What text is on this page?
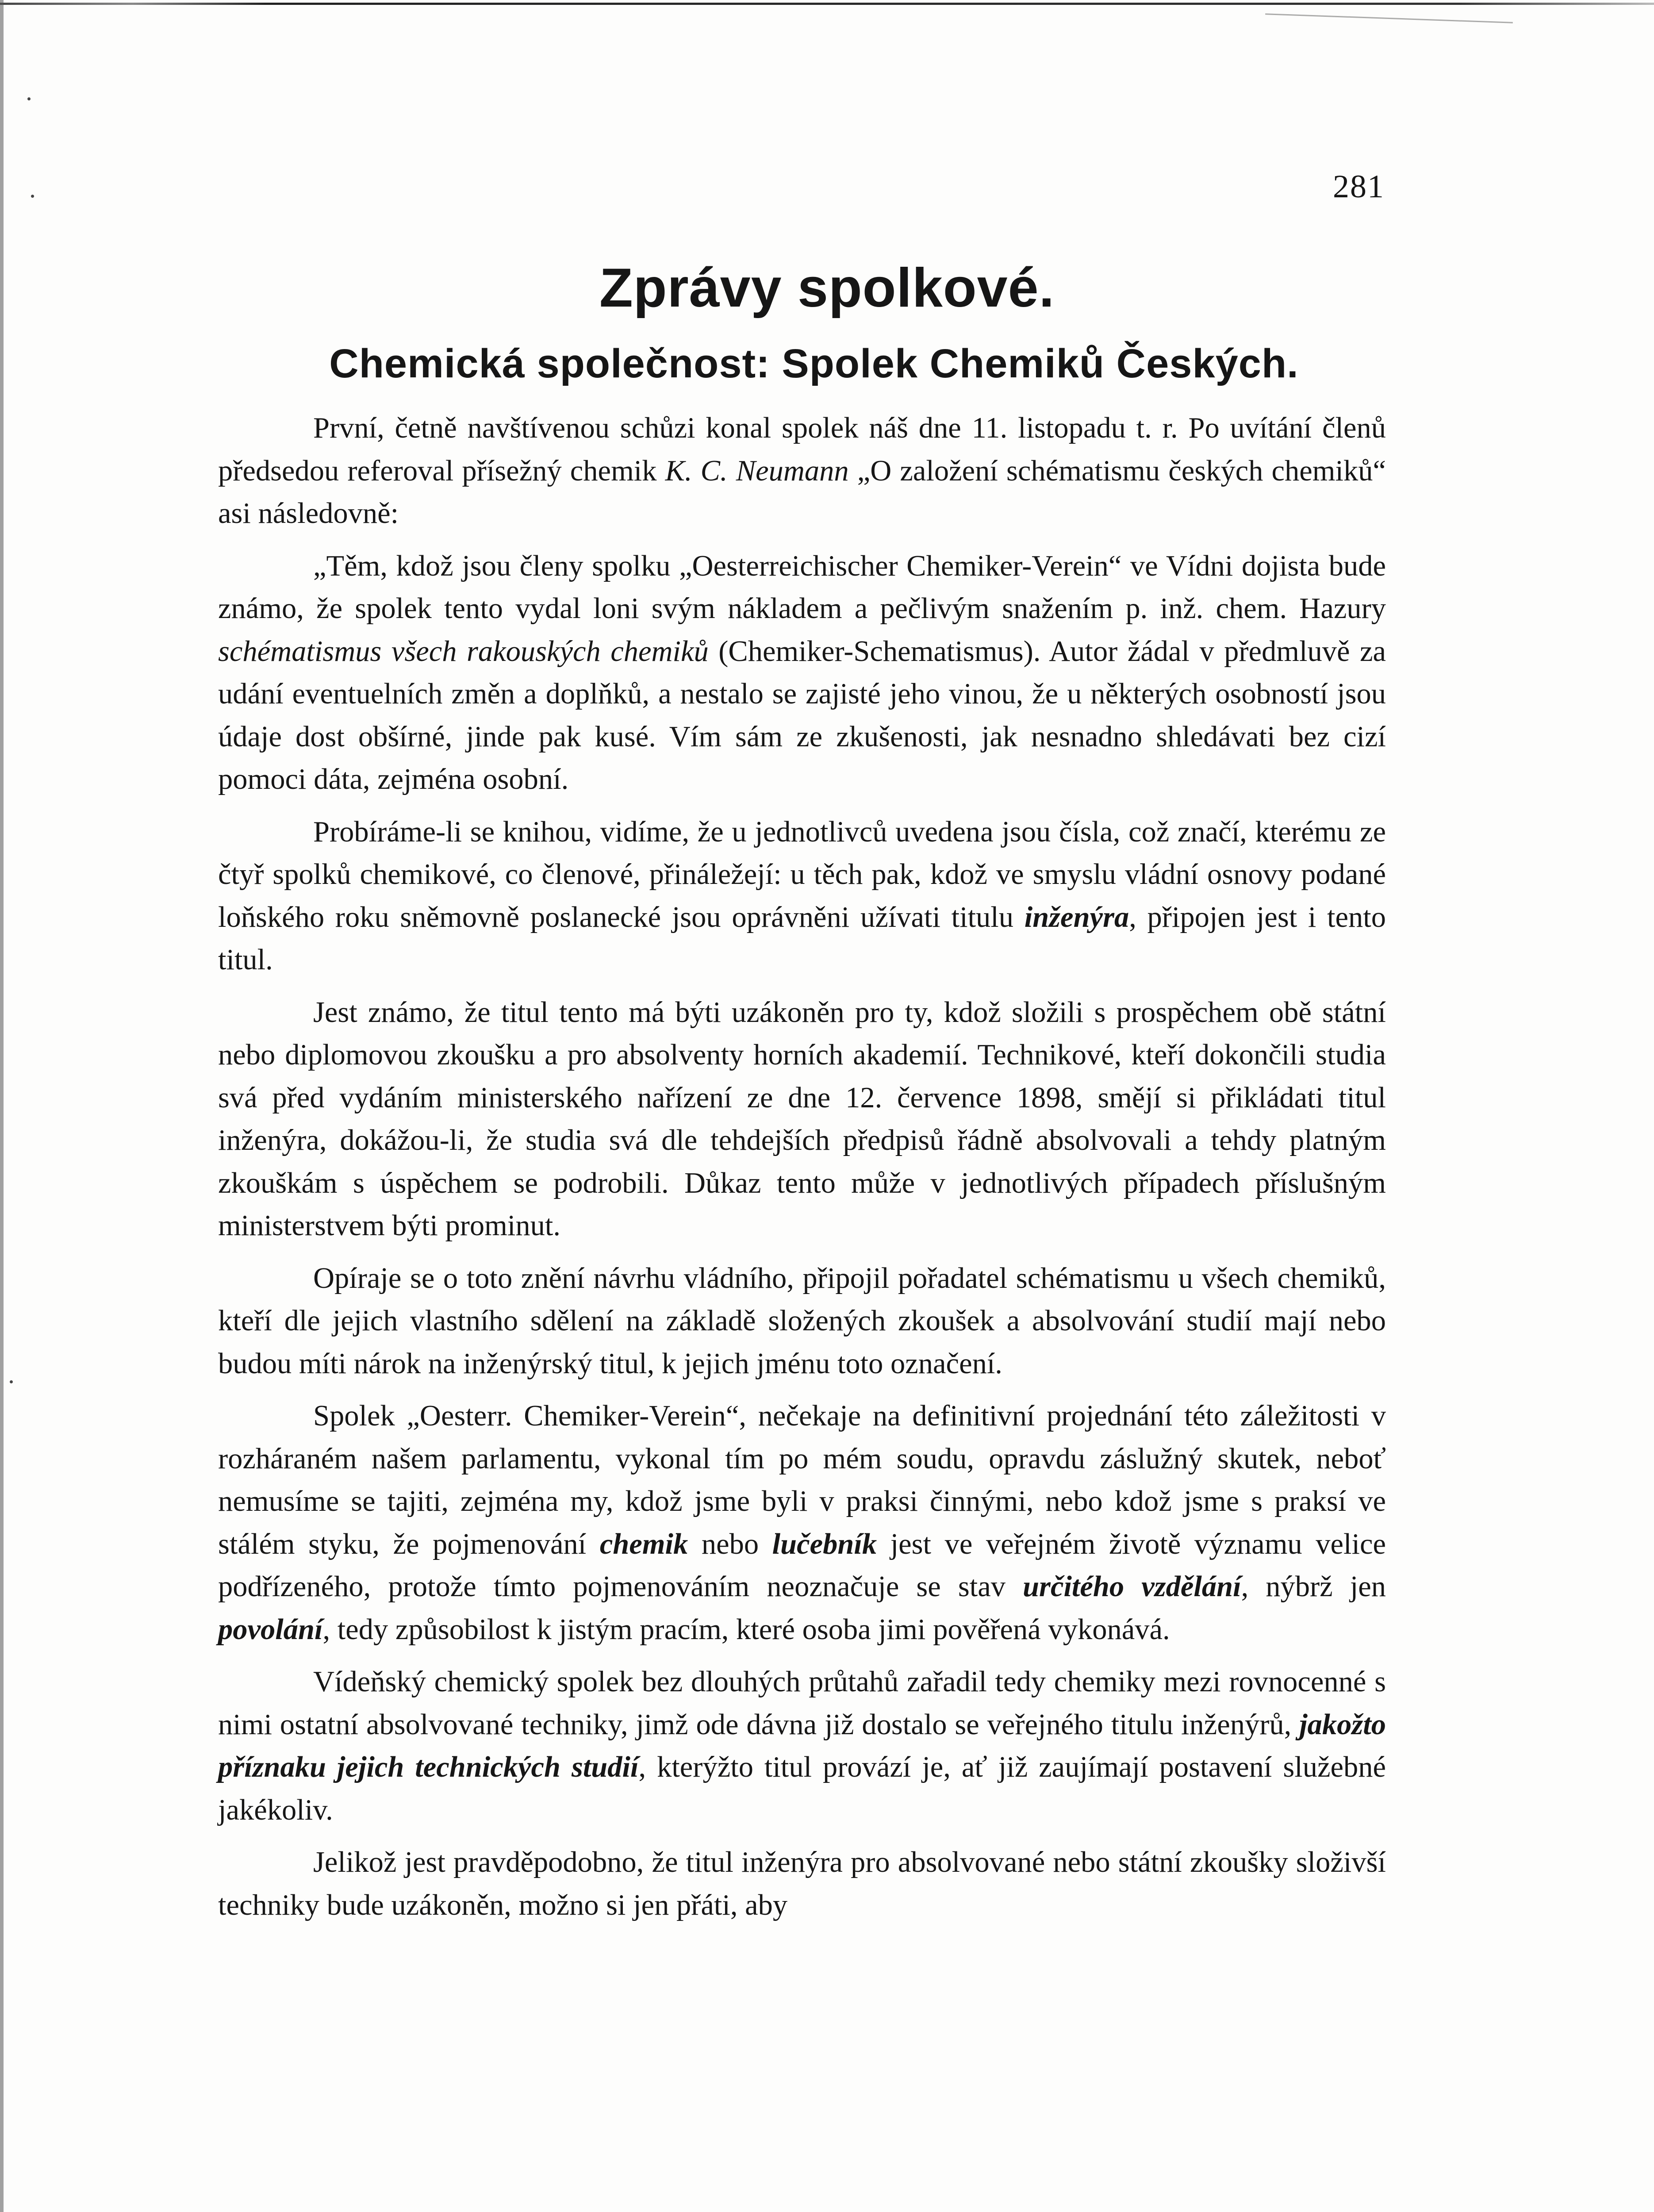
281
Zprávy spolkové.
Chemická společnost: Spolek Chemiků Českých.

První, četně navštívenou schůzi konal spolek náš dne 11. listopadu t. r. Po uvítání členů předsedou referoval přísežný chemik K. C. Neumann „O založení schématismu českých chemiků“ asi následovně:

„Těm, kdož jsou členy spolku „Oesterreichischer Chemiker-Verein“ ve Vídni dojista bude známo, že spolek tento vydal loni svým nákladem a pečlivým snažením p. inž. chem. Hazury schématismus všech rakouských chemiků (Chemiker-Schematismus). Autor žádal v předmluvě za udání eventuelních změn a doplňků, a nestalo se zajisté jeho vinou, že u některých osobností jsou údaje dost obšírné, jinde pak kusé. Vím sám ze zkušenosti, jak nesnadno shledávati bez cizí pomoci dáta, zejména osobní.

Probíráme-li se knihou, vidíme, že u jednotlivců uvedena jsou čísla, což značí, kterému ze čtyř spolků chemikové, co členové, přináležejí: u těch pak, kdož ve smyslu vládní osnovy podané loňského roku sněmovně poslanecké jsou oprávněni užívati titulu inženýra, připojen jest i tento titul.

Jest známo, že titul tento má býti uzákoněn pro ty, kdož složili s prospěchem obě státní nebo diplomovou zkoušku a pro absolventy horních akademií. Technikové, kteří dokončili studia svá před vydáním ministerského nařízení ze dne 12. července 1898, smějí si přikládati titul inženýra, dokážou-li, že studia svá dle tehdejších předpisů řádně absolvovali a tehdy platným zkouškám s úspěchem se podrobili. Důkaz tento může v jednotlivých případech příslušným ministerstvem býti prominut.

Opíraje se o toto znění návrhu vládního, připojil pořadatel schématismu u všech chemiků, kteří dle jejich vlastního sdělení na základě složených zkoušek a absolvování studií mají nebo budou míti nárok na inženýrský titul, k jejich jménu toto označení.

Spolek „Oesterr. Chemiker-Verein“, nečekaje na definitivní projednání této záležitosti v rozháraném našem parlamentu, vykonal tím po mém soudu, opravdu záslužný skutek, neboť nemusíme se tajiti, zejména my, kdož jsme byli v praksi činnými, nebo kdož jsme s praksí ve stálém styku, že pojmenování chemik nebo lučebník jest ve veřejném životě významu velice podřízeného, protože tímto pojmenováním neoznačuje se stav určitého vzdělání, nýbrž jen povolání, tedy způsobilost k jistým pracím, které osoba jimi pověřená vykonává.

Vídeňský chemický spolek bez dlouhých průtahů zařadil tedy chemiky mezi rovnocenné s nimi ostatní absolvované techniky, jimž ode dávna již dostalo se veřejného titulu inženýrů, jakožto příznaku jejich technických studií, kterýžto titul provází je, ať již zaujímají postavení služebné jakékoliv.

Jelikož jest pravděpodobno, že titul inženýra pro absolvované nebo státní zkoušky složivší techniky bude uzákoněn, možno si jen přáti, aby
